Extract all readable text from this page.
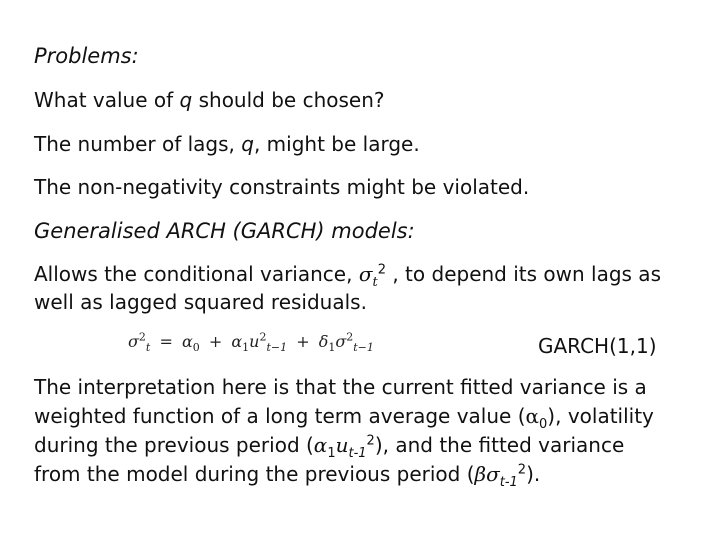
Problems:
What value of q should be chosen?
The number of lags, q, might be large.
The non-negativity constraints might be violated.
Generalised ARCH (GARCH) models:
Allows the conditional variance, $\sigma_t^2$ , to depend its own lags as
well as lagged squared residuals.
$\sigma^2_t = \alpha_0 + \alpha_1u^2_{t-1} + \delta_1\sigma^2_{t-1}$	GARCH(1,1)
The interpretation here is that the current fitted variance is a
weighted function of a long term average value $(\alpha_0)$, volatility
during the previous period $(\alpha_1u_{t-1}^2)$, and the fitted variance
from the model during the previous period $(\beta\sigma_{t-1}^2)$.
